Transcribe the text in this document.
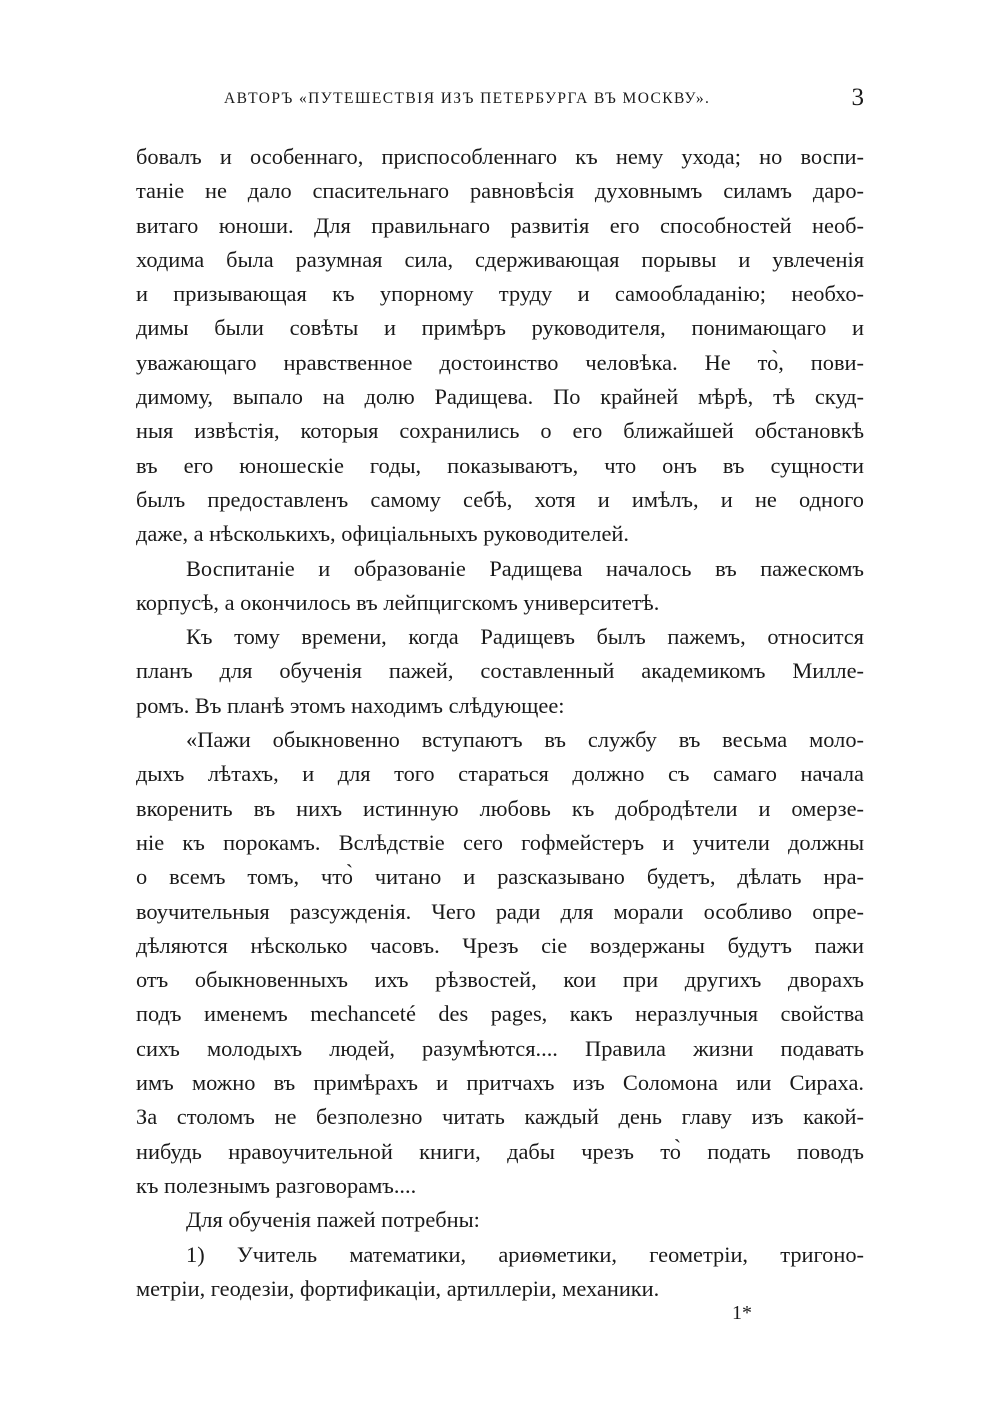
АВТОРЪ «ПУТЕШЕСТВІЯ ИЗЪ ПЕТЕРБУРГА ВЪ МОСКВУ».	3
бовалъ и особеннаго, приспособленнаго къ нему ухода; но воспи-
таніе не дало спасительнаго равновѣсія духовнымъ силамъ даро-
витаго юноши. Для правильнаго развитія его способностей необ-
ходима была разумная сила, сдерживающая порывы и увлеченія
и призывающая къ упорному труду и самообладанію; необхо-
димы были совѣты и примѣръ руководителя, понимающаго и
уважающаго нравственное достоинство человѣка. Не то̀, пови-
димому, выпало на долю Радищева. По крайней мѣрѣ, тѣ скуд-
ныя извѣстія, которыя сохранились о его ближайшей обстановкѣ
въ его юношескіе годы, показываютъ, что онъ въ сущности
былъ предоставленъ самому себѣ, хотя и имѣлъ, и не одного
даже, а нѣсколькихъ, офиціальныхъ руководителей.
Воспитаніе и образованіе Радищева началось въ пажескомъ
корпусѣ, а окончилось въ лейпцигскомъ университетѣ.
Къ тому времени, когда Радищевъ былъ пажемъ, относится
планъ для обученія пажей, составленный академикомъ Милле-
ромъ. Въ планѣ этомъ находимъ слѣдующее:
«Пажи обыкновенно вступаютъ въ службу въ весьма моло-
дыхъ лѣтахъ, и для того стараться должно съ самаго начала
вкоренить въ нихъ истинную любовь къ добродѣтели и омерзе-
ніе къ порокамъ. Вслѣдствіе сего гофмейстеръ и учители должны
о всемъ томъ, что̀ читано и разсказывано будетъ, дѣлать нра-
воучительныя разсужденія. Чего ради для морали особливо опре-
дѣляются нѣсколько часовъ. Чрезъ сіе воздержаны будутъ пажи
отъ обыкновенныхъ ихъ рѣзвостей, кои при другихъ дворахъ
подъ именемъ mechanceté des pages, какъ неразлучныя свойства
сихъ молодыхъ людей, разумѣются.... Правила жизни подавать
имъ можно въ примѣрахъ и притчахъ изъ Соломона или Сираха.
За столомъ не безполезно читать каждый день главу изъ какой-
нибудь нравоучительной книги, дабы чрезъ то̀ подать поводъ
къ полезнымъ разговорамъ....
Для обученія пажей потребны:
1) Учитель математики, ариѳметики, геометріи, тригоно-
метріи, геодезіи, фортификаціи, артиллеріи, механики.
1*
